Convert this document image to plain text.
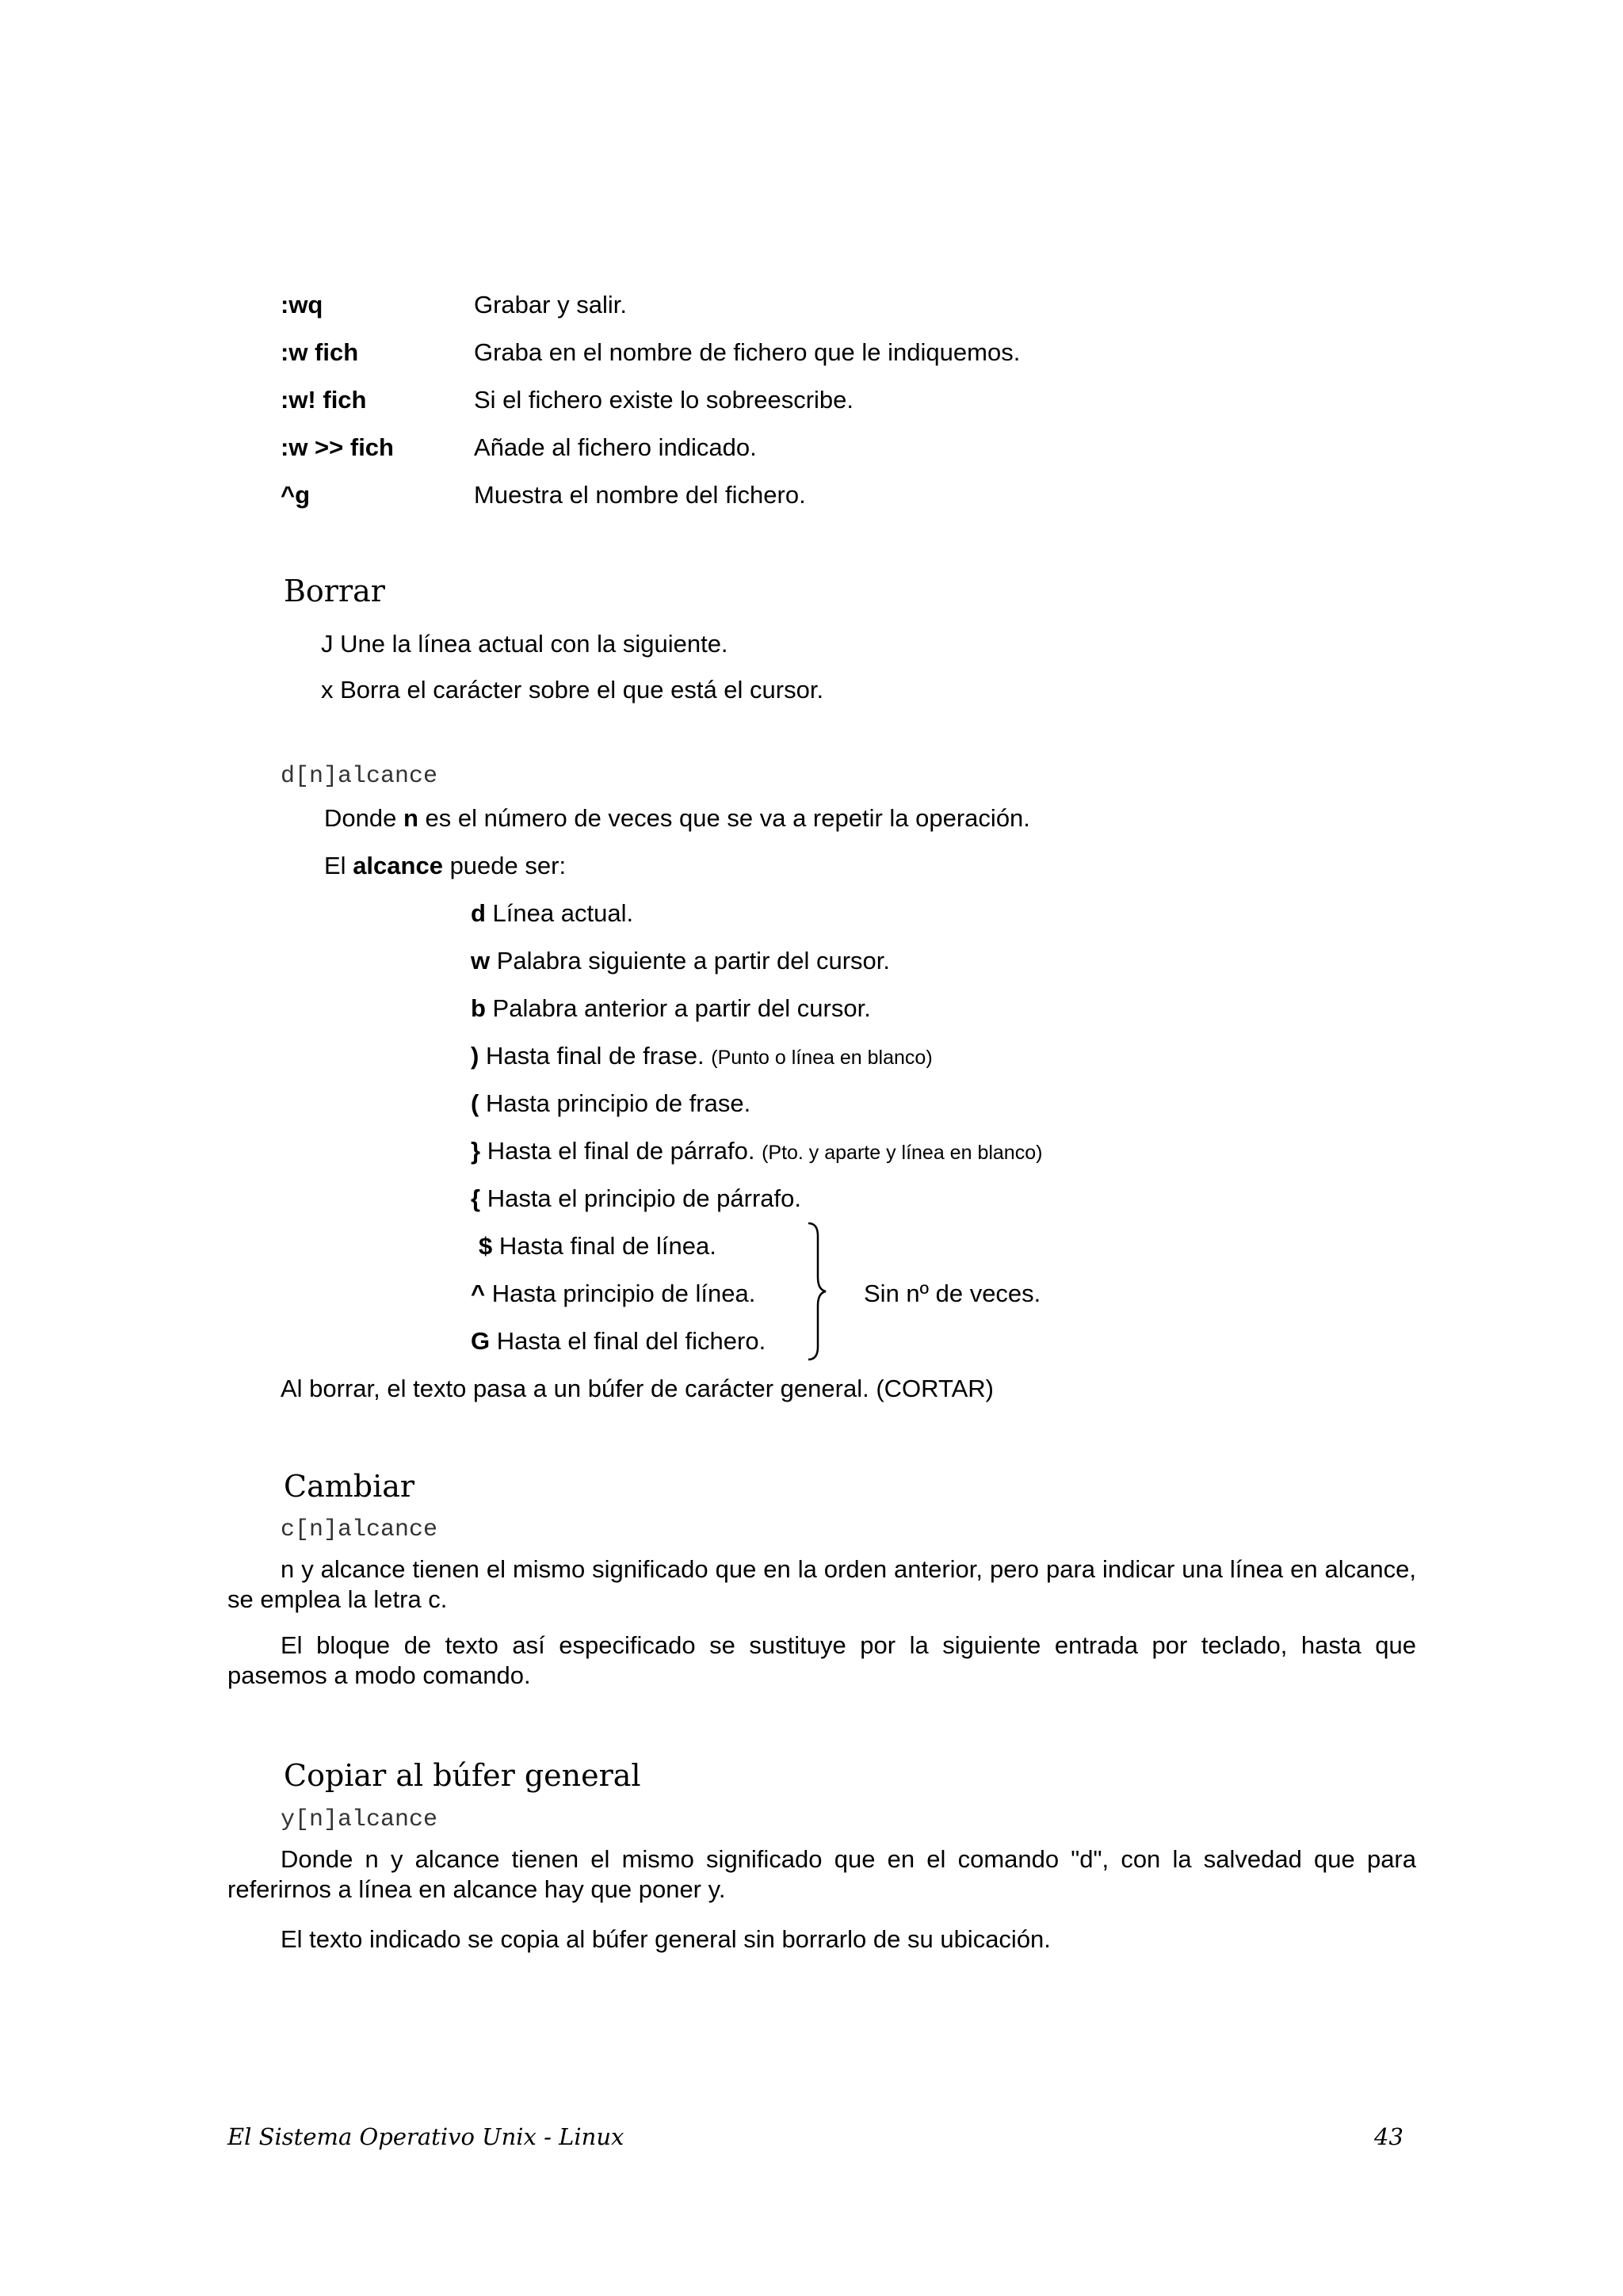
:wq	Grabar y salir.
:w fich	Graba en el nombre de fichero que le indiquemos.
:w! fich	Si el fichero existe lo sobreescribe.
:w >> fich	Añade al fichero indicado.
^g	Muestra el nombre del fichero.
Borrar
J Une la línea actual con la siguiente.
x Borra el carácter sobre el que está el cursor.
d[n]alcance
Donde n es el número de veces que se va a repetir la operación.
El alcance puede ser:
d Línea actual.
w Palabra siguiente a partir del cursor.
b Palabra anterior a partir del cursor.
) Hasta final de frase. (Punto o línea en blanco)
( Hasta principio de frase.
} Hasta el final de párrafo. (Pto. y aparte y línea en blanco)
{ Hasta el principio de párrafo.
$ Hasta final de línea.
^ Hasta principio de línea.
G Hasta el final del fichero.
Sin nº de veces.
Al borrar, el texto pasa a un búfer de carácter general. (CORTAR)
Cambiar
c[n]alcance
n y alcance tienen el mismo significado que en la orden anterior, pero para indicar una línea en alcance, se emplea la letra c.
El bloque de texto así especificado se sustituye por la siguiente entrada por teclado, hasta que pasemos a modo comando.
Copiar al búfer general
y[n]alcance
Donde n y alcance tienen el mismo significado que en el comando "d", con la salvedad que para referirnos a línea en alcance hay que poner y.
El texto indicado se copia al búfer general sin borrarlo de su ubicación.
El Sistema Operativo Unix - Linux	43
